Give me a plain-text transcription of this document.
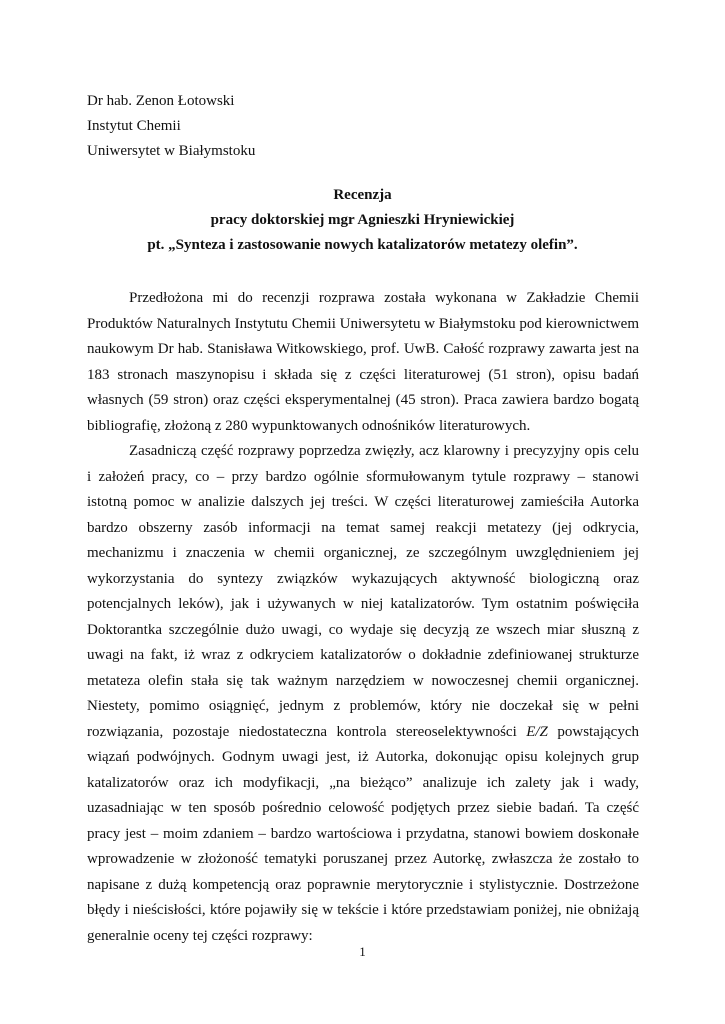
Dr hab. Zenon Łotowski
Instytut Chemii
Uniwersytet w Białymstoku
Recenzja
pracy doktorskiej mgr Agnieszki Hryniewickiej
pt. „Synteza i zastosowanie nowych katalizatorów metatezy olefin”.

Przedłożona mi do recenzji rozprawa została wykonana w Zakładzie Chemii Produktów Naturalnych Instytutu Chemii Uniwersytetu w Białymstoku pod kierownictwem naukowym Dr hab. Stanisława Witkowskiego, prof. UwB. Całość rozprawy zawarta jest na 183 stronach maszynopisu i składa się z części literaturowej (51 stron), opisu badań własnych (59 stron) oraz części eksperymentalnej (45 stron). Praca zawiera bardzo bogatą bibliografię, złożoną z 280 wypunktowanych odnośników literaturowych.

Zasadniczą część rozprawy poprzedza zwięzły, acz klarowny i precyzyjny opis celu i założeń pracy, co – przy bardzo ogólnie sformułowanym tytule rozprawy – stanowi istotną pomoc w analizie dalszych jej treści. W części literaturowej zamieściła Autorka bardzo obszerny zasób informacji na temat samej reakcji metatezy (jej odkrycia, mechanizmu i znaczenia w chemii organicznej, ze szczególnym uwzględnieniem jej wykorzystania do syntezy związków wykazujących aktywność biologiczną oraz potencjalnych leków), jak i używanych w niej katalizatorów. Tym ostatnim poświęciła Doktorantka szczególnie dużo uwagi, co wydaje się decyzją ze wszech miar słuszną z uwagi na fakt, iż wraz z odkryciem katalizatorów o dokładnie zdefiniowanej strukturze metateza olefin stała się tak ważnym narzędziem w nowoczesnej chemii organicznej. Niestety, pomimo osiągnięć, jednym z problemów, który nie doczekał się w pełni rozwiązania, pozostaje niedostateczna kontrola stereoselektywności E/Z powstających wiązań podwójnych. Godnym uwagi jest, iż Autorka, dokonując opisu kolejnych grup katalizatorów oraz ich modyfikacji, „na bieżąco” analizuje ich zalety jak i wady, uzasadniając w ten sposób pośrednio celowość podjętych przez siebie badań. Ta część pracy jest – moim zdaniem – bardzo wartościowa i przydatna, stanowi bowiem doskonałe wprowadzenie w złożoność tematyki poruszanej przez Autorkę, zwłaszcza że zostało to napisane z dużą kompetencją oraz poprawnie merytorycznie i stylistycznie. Dostrzeżone błędy i nieścisłości, które pojawiły się w tekście i które przedstawiam poniżej, nie obniżają generalnie oceny tej części rozprawy:

1
